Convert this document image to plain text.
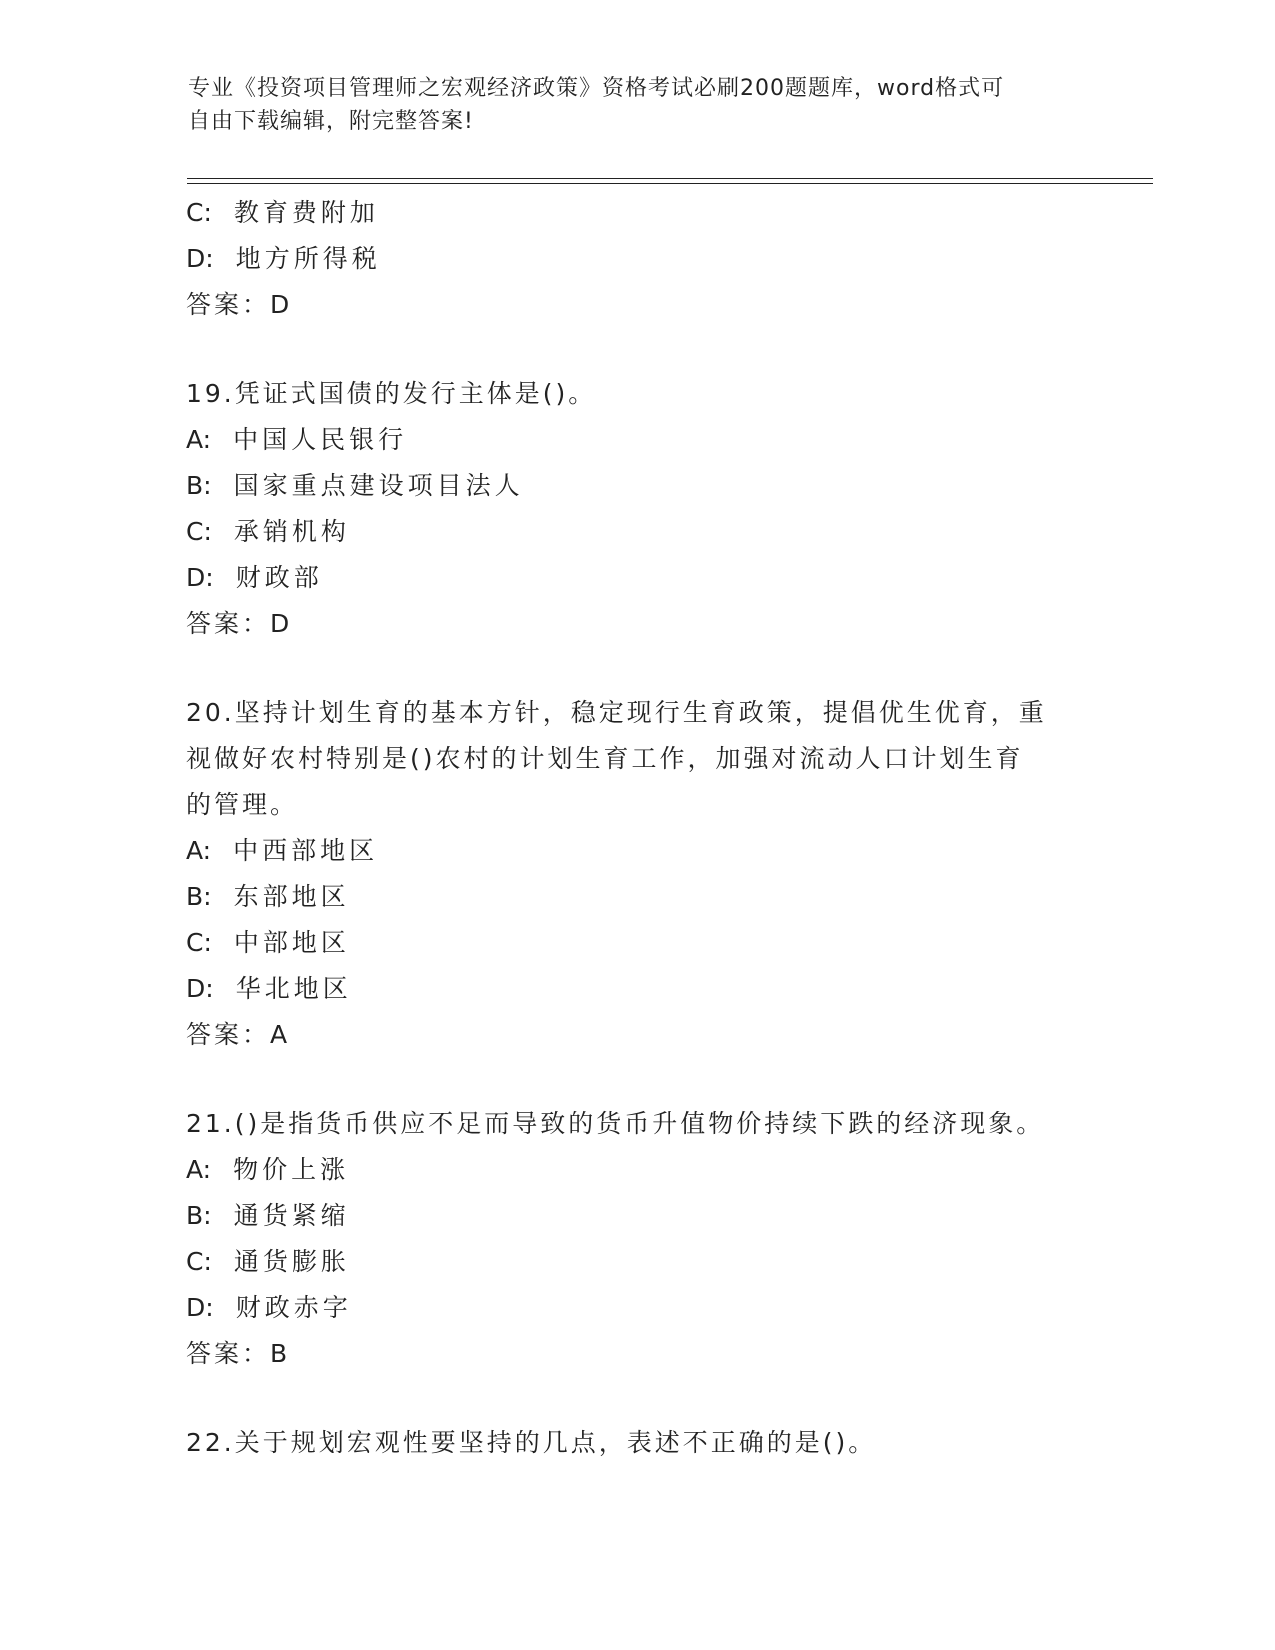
专业《投资项目管理师之宏观经济政策》资格考试必刷200题题库，word格式可
自由下载编辑，附完整答案!
C: 教育费附加
D: 地方所得税
答案：D
19.凭证式国债的发行主体是()。
A: 中国人民银行
B: 国家重点建设项目法人
C: 承销机构
D: 财政部
答案：D
20.坚持计划生育的基本方针，稳定现行生育政策，提倡优生优育，重
视做好农村特别是()农村的计划生育工作，加强对流动人口计划生育
的管理。
A: 中西部地区
B: 东部地区
C: 中部地区
D: 华北地区
答案：A
21.()是指货币供应不足而导致的货币升值物价持续下跌的经济现象。
A: 物价上涨
B: 通货紧缩
C: 通货膨胀
D: 财政赤字
答案：B
22.关于规划宏观性要坚持的几点，表述不正确的是()。
